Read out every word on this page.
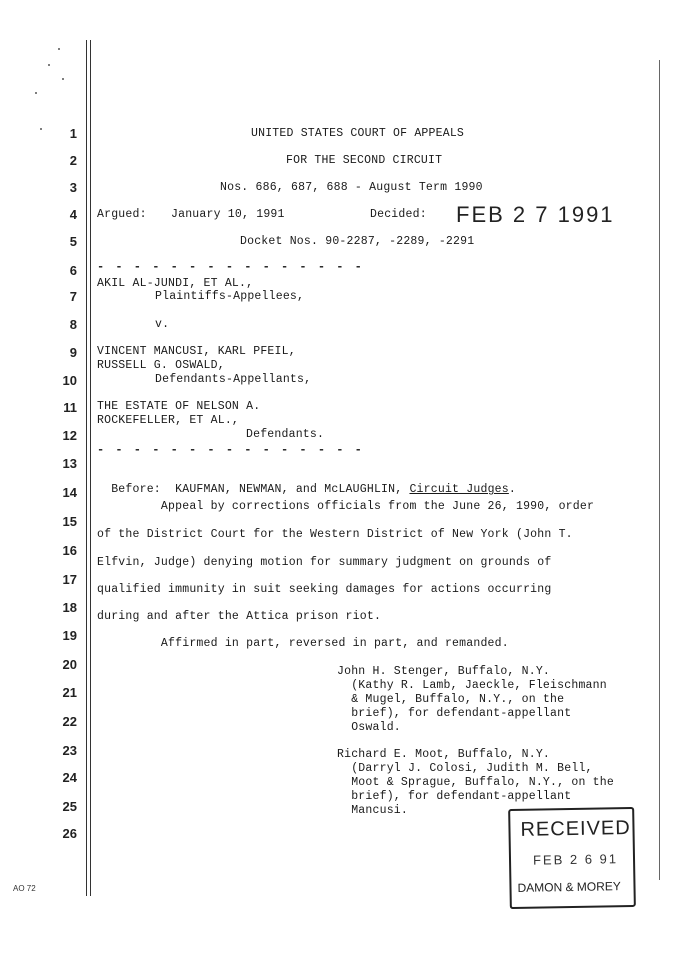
1
2
3
4
5
6
7
8
9
10
11
12
13
14
15
16
17
18
19
20
21
22
23
24
25
26
UNITED STATES COURT OF APPEALS
FOR THE SECOND CIRCUIT
Nos. 686, 687, 688 - August Term 1990
Argued: January 10, 1991	Decided: FEB 2 7 1991
Docket Nos. 90-2287, -2289, -2291
- - - - - - - - - - - - - - -
AKIL AL-JUNDI, ET AL.,
Plaintiffs-Appellees,
v.
VINCENT MANCUSI, KARL PFEIL,
RUSSELL G. OSWALD,
Defendants-Appellants,
THE ESTATE OF NELSON A.
ROCKEFELLER, ET AL.,
Defendants.
- - - - - - - - - - - - - - -

Before:  KAUFMAN, NEWMAN, and McLAUGHLIN, Circuit Judges.

Appeal by corrections officials from the June 26, 1990, order
of the District Court for the Western District of New York (John T.
Elfvin, Judge) denying motion for summary judgment on grounds of
qualified immunity in suit seeking damages for actions occurring
during and after the Attica prison riot.
Affirmed in part, reversed in part, and remanded.
John H. Stenger, Buffalo, N.Y.
(Kathy R. Lamb, Jaeckle, Fleischmann
& Mugel, Buffalo, N.Y., on the
brief), for defendant-appellant
Oswald.
Richard E. Moot, Buffalo, N.Y.
(Darryl J. Colosi, Judith M. Bell,
Moot & Sprague, Buffalo, N.Y., on the
brief), for defendant-appellant
Mancusi.
RECEIVED
FEB 2 6 91
DAMON & MOREY
AO 72
